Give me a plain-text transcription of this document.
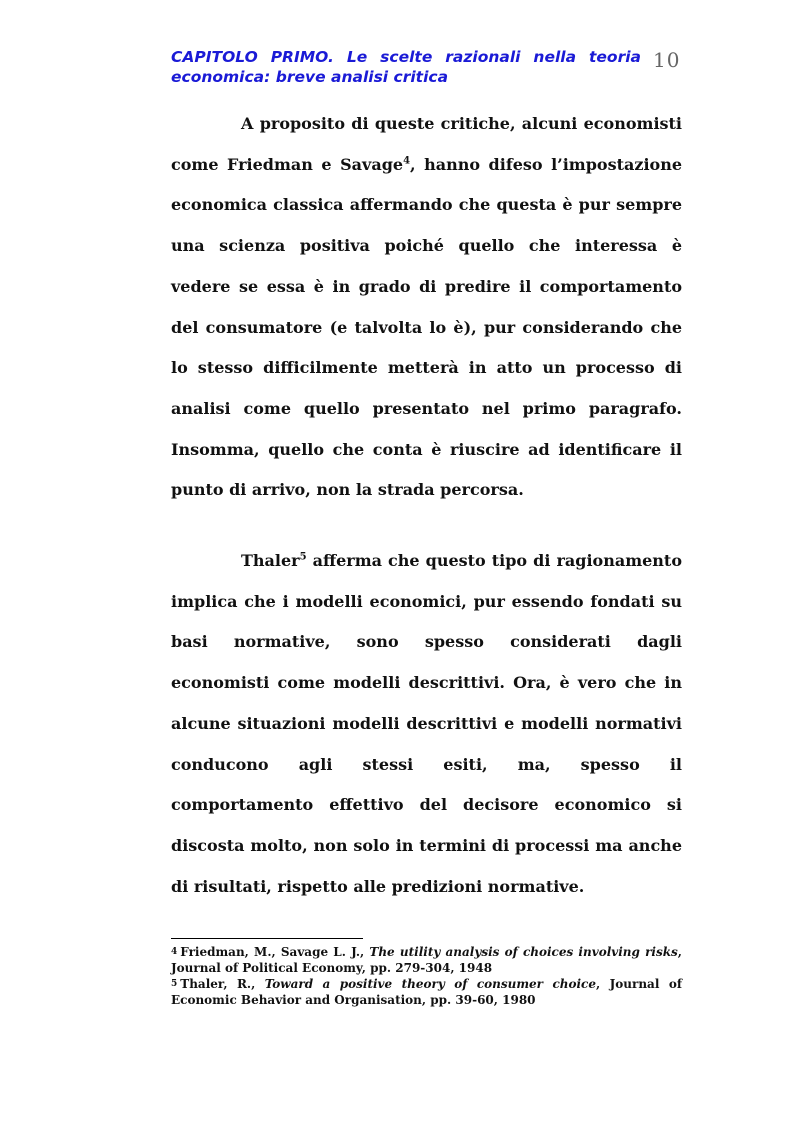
CAPITOLO PRIMO. Le scelte razionali nella teoria economica: breve analisi critica
10

A proposito di queste critiche, alcuni economisti come Friedman e Savage$^4$, hanno difeso l’impostazione economica classica affermando che questa è pur sempre una scienza positiva poiché quello che interessa è vedere se essa è in grado di predire il comportamento del consumatore (e talvolta lo è), pur considerando che lo stesso difficilmente metterà in atto un processo di analisi come quello presentato nel primo paragrafo. Insomma, quello che conta è riuscire ad identificare il punto di arrivo, non la strada percorsa.

Thaler$^5$ afferma che questo tipo di ragionamento implica che i modelli economici, pur essendo fondati su basi normative, sono spesso considerati dagli economisti come modelli descrittivi. Ora, è vero che in alcune situazioni modelli descrittivi e modelli normativi conducono agli stessi esiti, ma, spesso il comportamento effettivo del decisore economico si discosta molto, non solo in termini di processi ma anche di risultati, rispetto alle predizioni normative.

$^4$ Friedman, M., Savage L. J., The utility analysis of choices involving risks, Journal of Political Economy, pp. 279-304, 1948

$^5$ Thaler, R., Toward a positive theory of consumer choice, Journal of Economic Behavior and Organisation, pp. 39-60, 1980
